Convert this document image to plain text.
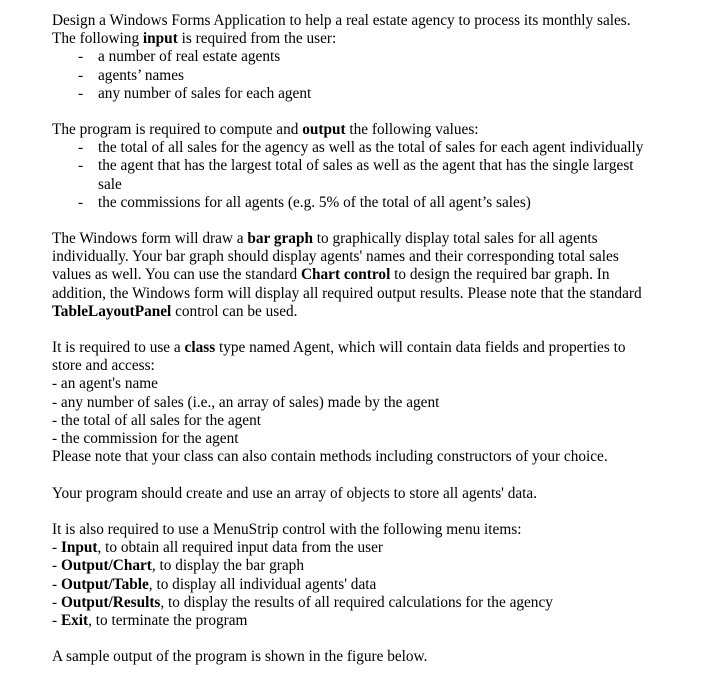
Design a Windows Forms Application to help a real estate agency to process its monthly sales.
The following input is required from the user:
- a number of real estate agents
- agents’ names
- any number of sales for each agent
The program is required to compute and output the following values:
- the total of all sales for the agency as well as the total of sales for each agent individually
- the agent that has the largest total of sales as well as the agent that has the single largest
sale
- the commissions for all agents (e.g. 5% of the total of all agent’s sales)
The Windows form will draw a bar graph to graphically display total sales for all agents
individually. Your bar graph should display agents' names and their corresponding total sales
values as well. You can use the standard Chart control to design the required bar graph. In
addition, the Windows form will display all required output results. Please note that the standard
TableLayoutPanel control can be used.
It is required to use a class type named Agent, which will contain data fields and properties to
store and access:
- an agent's name
- any number of sales (i.e., an array of sales) made by the agent
- the total of all sales for the agent
- the commission for the agent
Please note that your class can also contain methods including constructors of your choice.
Your program should create and use an array of objects to store all agents' data.
It is also required to use a MenuStrip control with the following menu items:
- Input, to obtain all required input data from the user
- Output/Chart, to display the bar graph
- Output/Table, to display all individual agents' data
- Output/Results, to display the results of all required calculations for the agency
- Exit, to terminate the program
A sample output of the program is shown in the figure below.
